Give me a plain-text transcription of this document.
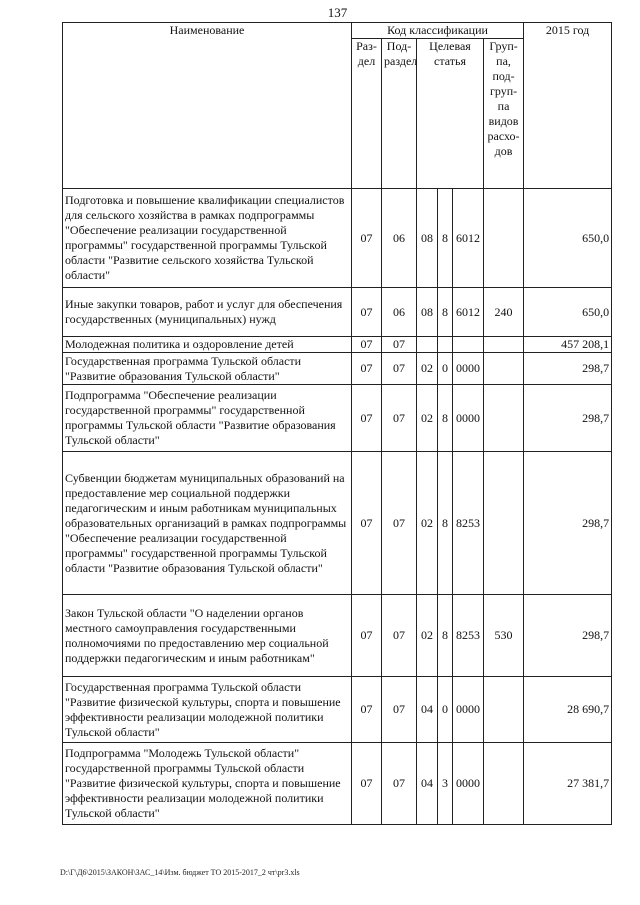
137
Наименование	Код классификации						2015 год
	Раз-дел	Под-раздел	Целевая статья			Груп-па, под-груп-па видов расхо-дов	
Подготовка и повышение квалификации специалистов для сельского хозяйства в рамках подпрограммы "Обеспечение реализации государственной программы" государственной программы Тульской области "Развитие сельского хозяйства Тульской области"	07	06	08	8	6012		650,0
Иные закупки товаров, работ и услуг для обеспечения государственных (муниципальных) нужд	07	06	08	8	6012	240	650,0
Молодежная политика и оздоровление детей	07	07					457 208,1
Государственная программа Тульской области "Развитие образования Тульской области"	07	07	02	0	0000		298,7
Подпрограмма "Обеспечение реализации государственной программы" государственной программы Тульской области "Развитие образования Тульской области"	07	07	02	8	0000		298,7
Субвенции бюджетам муниципальных образований на предоставление мер социальной поддержки педагогическим и иным работникам муниципальных образовательных организаций в рамках подпрограммы "Обеспечение реализации государственной программы" государственной программы Тульской области "Развитие образования Тульской области"	07	07	02	8	8253		298,7
Закон Тульской области "О наделении органов местного самоуправления государственными полномочиями по предоставлению мер социальной поддержки педагогическим и иным работникам"	07	07	02	8	8253	530	298,7
Государственная программа Тульской области "Развитие физической культуры, спорта и повышение эффективности реализации молодежной политики Тульской области"	07	07	04	0	0000		28 690,7
Подпрограмма "Молодежь Тульской области" государственной программы Тульской области "Развитие физической культуры, спорта и повышение эффективности реализации молодежной политики Тульской области"	07	07	04	3	0000		27 381,7
D:\Г\Д6\2015\ЗАКОН\ЗАС_14\Изм. бюджет ТО 2015-2017_2 чт\pr3.xls
